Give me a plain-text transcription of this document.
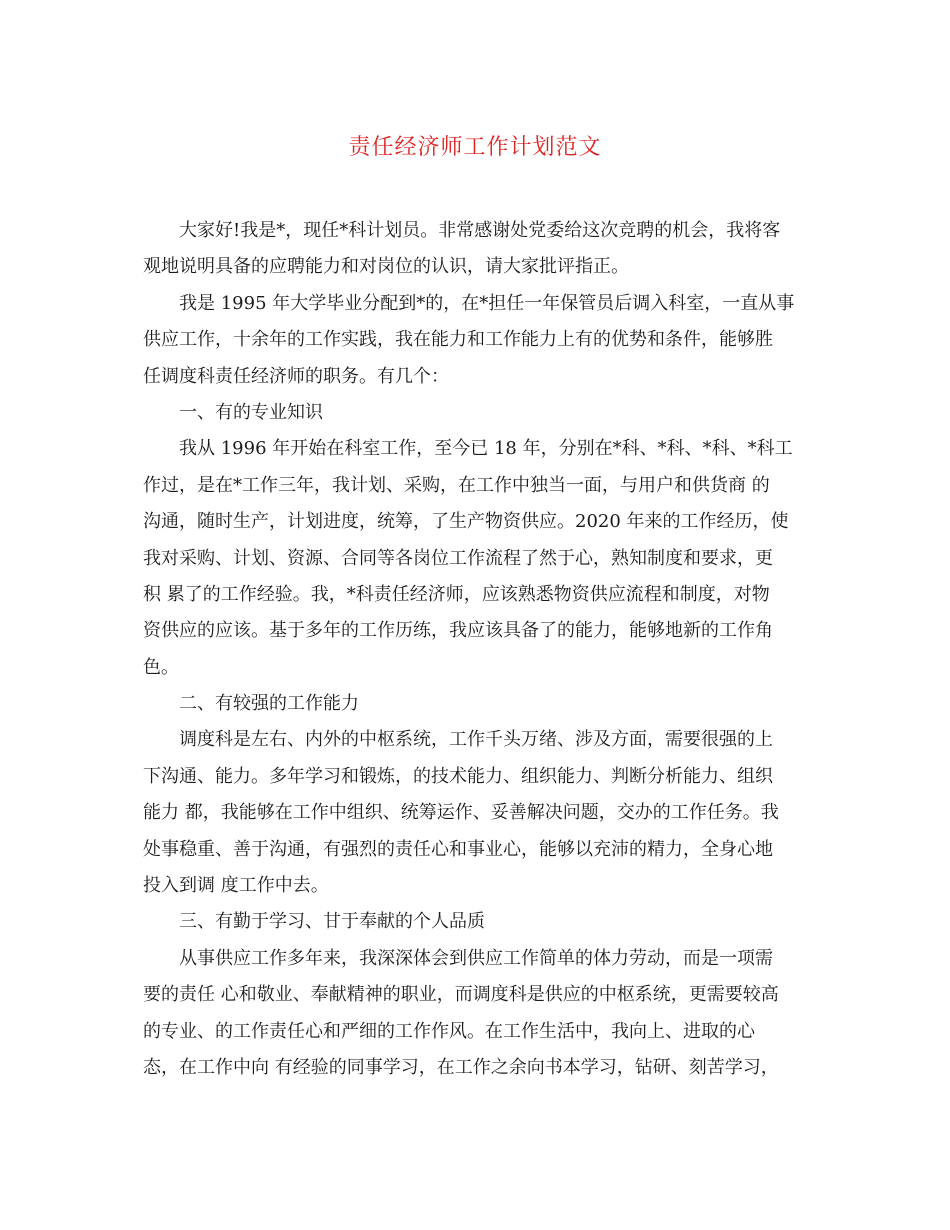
责任经济师工作计划范文
大家好!我是*，现任*科计划员。非常感谢处党委给这次竞聘的机会，我将客
观地说明具备的应聘能力和对岗位的认识，请大家批评指正。
我是 1995 年大学毕业分配到*的，在*担任一年保管员后调入科室，一直从事
供应工作，十余年的工作实践，我在能力和工作能力上有的优势和条件，能够胜
任调度科责任经济师的职务。有几个：
一、有的专业知识
我从 1996 年开始在科室工作，至今已 18 年，分别在*科、*科、*科、*科工
作过，是在*工作三年，我计划、采购，在工作中独当一面，与用户和供货商 的
沟通，随时生产，计划进度，统筹，了生产物资供应。2020 年来的工作经历，使
我对采购、计划、资源、合同等各岗位工作流程了然于心，熟知制度和要求，更
积 累了的工作经验。我，*科责任经济师，应该熟悉物资供应流程和制度，对物
资供应的应该。基于多年的工作历练，我应该具备了的能力，能够地新的工作角
色。
二、有较强的工作能力
调度科是左右、内外的中枢系统，工作千头万绪、涉及方面，需要很强的上
下沟通、能力。多年学习和锻炼，的技术能力、组织能力、判断分析能力、组织
能力 都，我能够在工作中组织、统筹运作、妥善解决问题，交办的工作任务。我
处事稳重、善于沟通，有强烈的责任心和事业心，能够以充沛的精力，全身心地
投入到调 度工作中去。
三、有勤于学习、甘于奉献的个人品质
从事供应工作多年来，我深深体会到供应工作简单的体力劳动，而是一项需
要的责任 心和敬业、奉献精神的职业，而调度科是供应的中枢系统，更需要较高
的专业、的工作责任心和严细的工作作风。在工作生活中，我向上、进取的心
态，在工作中向 有经验的同事学习，在工作之余向书本学习，钻研、刻苦学习，
